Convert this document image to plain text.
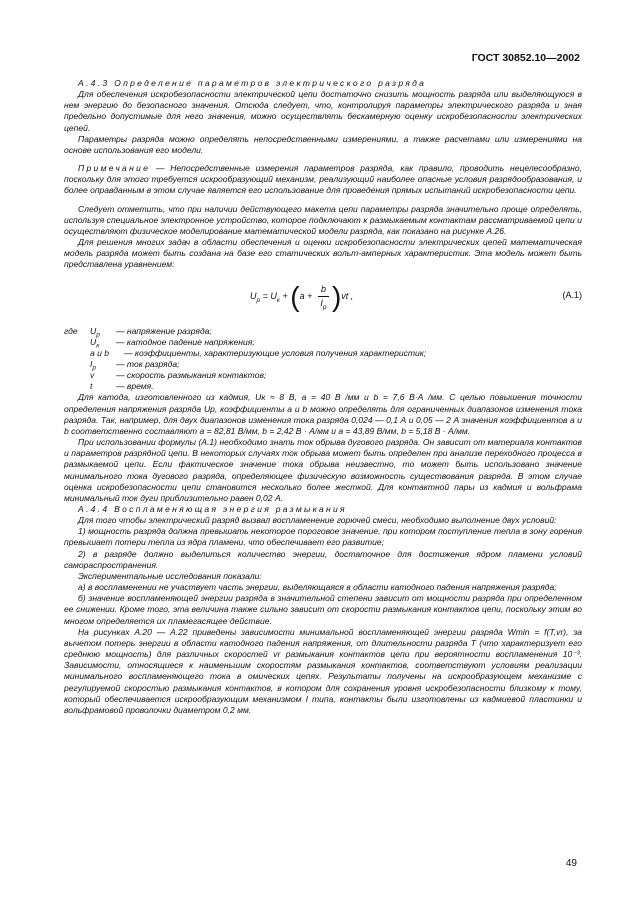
ГОСТ 30852.10—2002

А.4.3 Определение параметров электрического разряда

Для обеспечения искробезопасности электрической цепи достаточно снизить мощность разряда или выделяющуюся в нем энергию до безопасного значения. Отсюда следует, что, контролируя параметры электрического разряда и зная предельно допустимые для него значения, можно осуществлять бескамерную оценку искробезопасности электрических цепей.

Параметры разряда можно определять непосредственными измерениями, а также расчетами или измерениями на основе использования его модели.

Примечание — Непосредственные измерения параметров разряда, как правило, проводить нецелесообразно, поскольку для этого требуется искрообразующий механизм, реализующий наиболее опасные условия разрядообразования, и более оправданным в этом случае является его использование для проведения прямых испытаний искробезопасности цепи.

Следует отметить, что при наличии действующего макета цепи параметры разряда значительно проще определять, используя специальное электронное устройство, которое подключают к размыкаемым контактам рассматриваемой цепи и осуществляют физическое моделирование математической модели разряда, как показано на рисунке А.26.

Для решения многих задач в области обеспечения и оценки искробезопасности электрических цепей математическая модель разряда может быть создана на базе его статических вольт-амперных характеристик. Эта модель может быть представлена уравнением:

$U_р = U_к + (a + \frac{b}{I_р} )vt$ ,	(А.1)
где	$U_р$	— напряжение разряда;
$U_к$	— катодное падение напряжения;
a и b	— коэффициенты, характеризующие условия получения характеристик;
$I_р$	— ток разряда;
v	— скорость размыкания контактов;
t	— время.

Для катода, изготовленного из кадмия, Uк ≈ 8 В, а = 40 В /мм и b = 7,6 В·А /мм. С целью повышения точности определения напряжения разряда Uр, коэффициенты а и b можно определять для ограниченных диапазонов изменения тока разряда. Так, например, для двух диапазонов изменения тока разряда 0,024 — 0,1 А и 0,05 — 2 А значения коэффициентов а и b соответственно составляют а = 82,81 В/мм, b = 2,42 В · А/мм и а = 43,89 В/мм, b = 5,18 В · А/мм.

При использовании формулы (А.1) необходимо знать ток обрыва дугового разряда. Он зависит от материала контактов и параметров разрядной цепи. В некоторых случаях ток обрыва может быть определен при анализе переходного процесса в размыкаемой цепи. Если фактическое значение тока обрыва неизвестно, то может быть использовано значение минимального тока дугового разряда, определяющее физическую возможность существования разряда. В этом случае оценка искробезопасности цепи становится несколько более жесткой. Для контактной пары из кадмия и вольфрама минимальный ток дуги приблизительно равен 0,02 А.

А.4.4 Воспламеняющая энергия размыкания

Для того чтобы электрический разряд вызвал воспламенение горючей смеси, необходимо выполнение двух условий:

1) мощность разряда должна превышать некоторое пороговое значение, при котором поступление тепла в зону горения превышает потери тепла из ядра пламени, что обеспечивает его развитие;

2) в разряде должно выделиться количество энергии, достаточное для достижения ядром пламени условий самораспространения.

Экспериментальные исследования показали:

а) в воспламенении не участвует часть энергии, выделяющаяся в области катодного падения напряжения разряда;

б) значение воспламеняющей энергии разряда в значительной степени зависит от мощности разряда при определенном ее снижении. Кроме того, эта величина также сильно зависит от скорости размыкания контактов цепи, поскольку этим во многом определяется их пламегасящее действие.

На рисунках А.20 — А.22 приведены зависимости минимальной воспламеняющей энергии разряда Wmin = f(T,vr), за вычетом потерь энергии в области катодного падения напряжения, от длительности разряда T (что характеризует его среднюю мощность) для различных скоростей vr размыкания контактов цепи при вероятности воспламенения 10⁻³. Зависимости, относящиеся к наименьшим скоростям размыкания контактов, соответствуют условиям реализации минимального воспламеняющего тока в омических цепях. Результаты получены на искрообразующем механизме с регулируемой скоростью размыкания контактов, в котором для сохранения уровня искробезопасности близкому к тому, который обеспечивается искрообразующим механизмом I типа, контакты были изготовлены из кадмиевой пластинки и вольфрамовой проволочки диаметром 0,2 мм.

49
